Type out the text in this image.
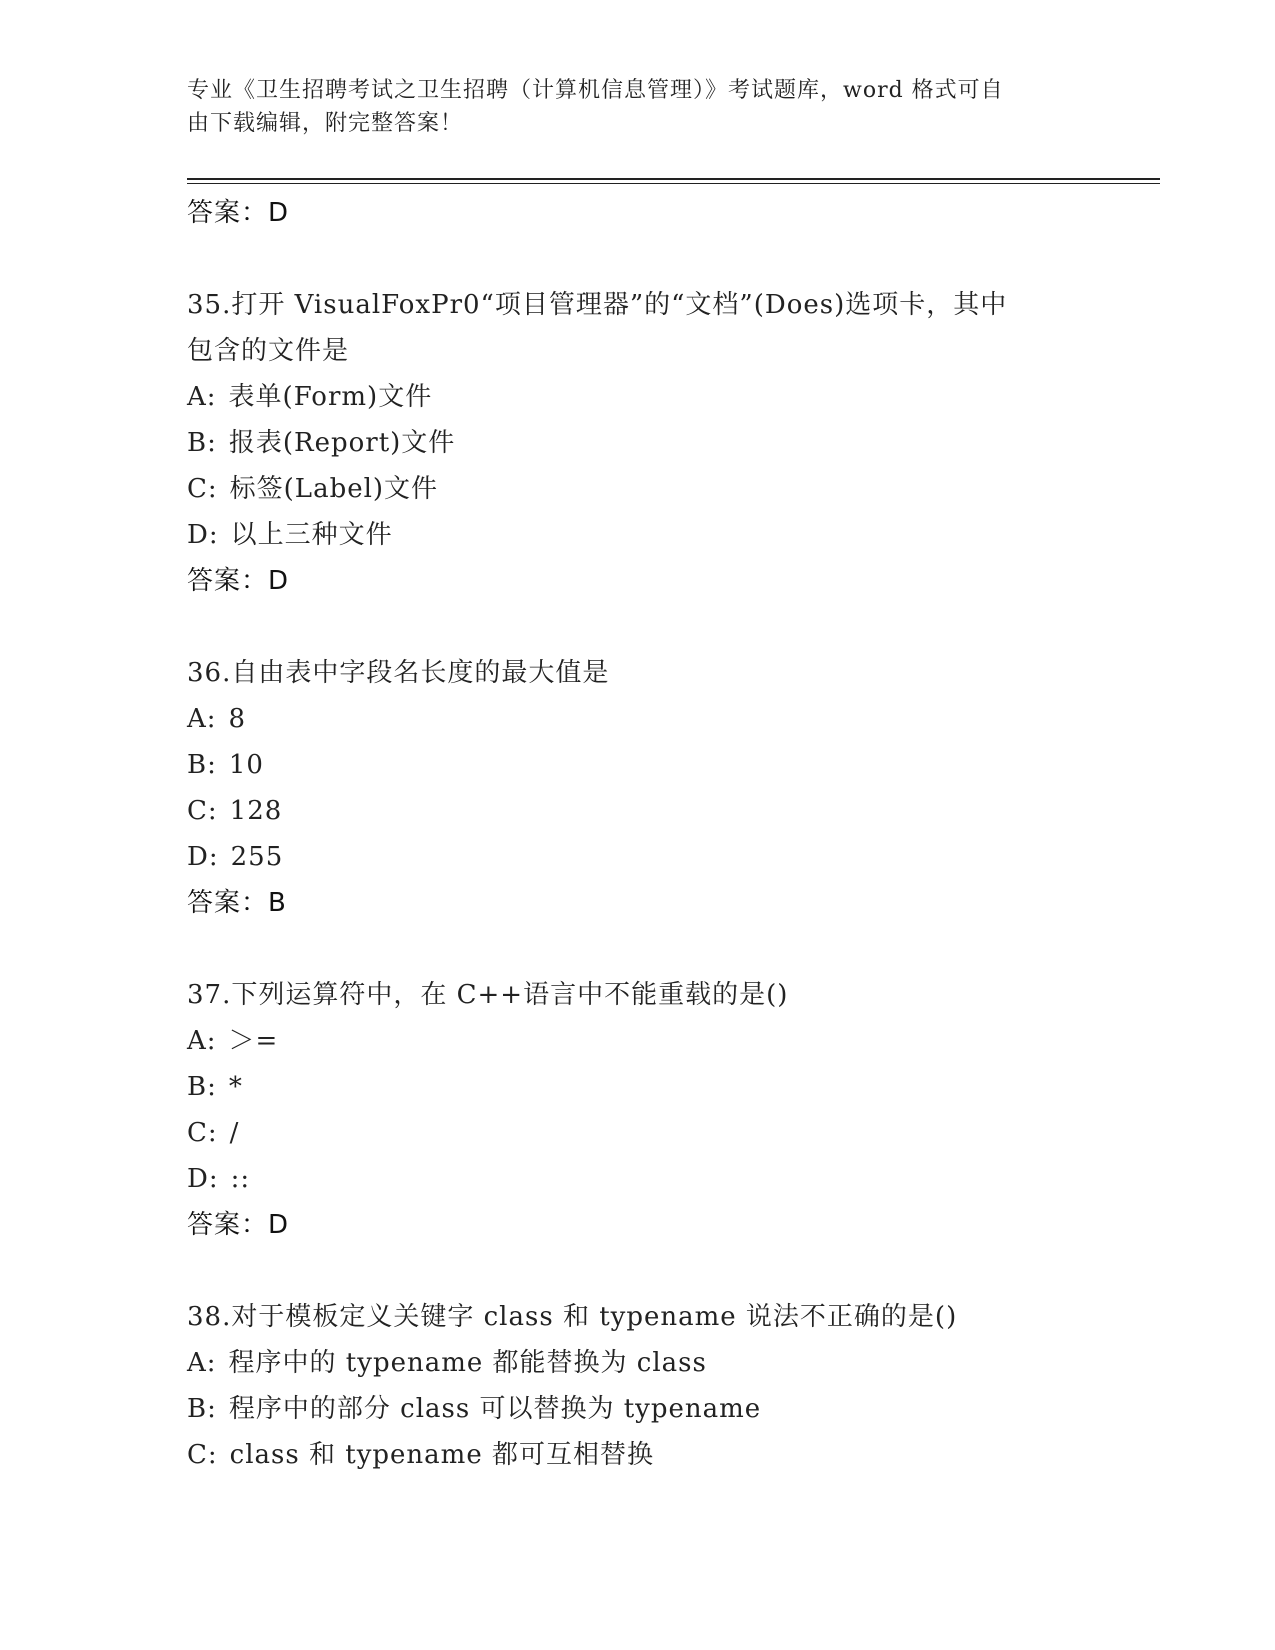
专业《卫生招聘考试之卫生招聘（计算机信息管理）》考试题库，word 格式可自
由下载编辑，附完整答案！
答案：D
35.打开 VisualFoxPr0“项目管理器”的“文档”(Does)选项卡，其中
包含的文件是
A: 表单(Form)文件
B: 报表(Report)文件
C: 标签(Label)文件
D: 以上三种文件
答案：D
36.自由表中字段名长度的最大值是
A: 8
B: 10
C: 128
D: 255
答案：B
37.下列运算符中，在 C++语言中不能重载的是()
A: ＞=
B: *
C: /
D: ::
答案：D
38.对于模板定义关键字 class 和 typename 说法不正确的是()
A: 程序中的 typename 都能替换为 class
B: 程序中的部分 class 可以替换为 typename
C: class 和 typename 都可互相替换
